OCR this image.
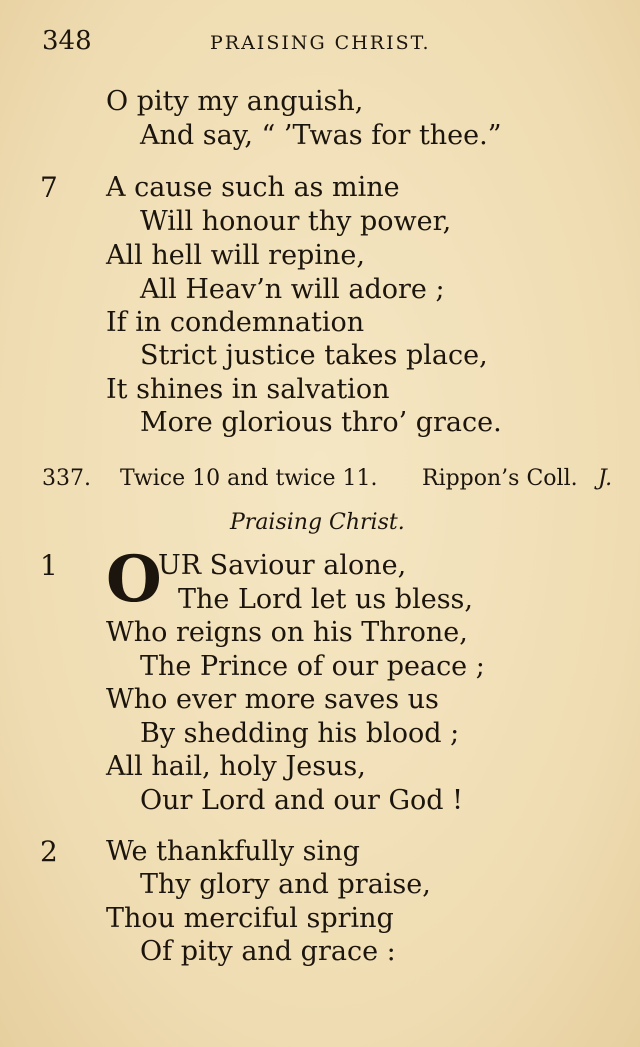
348	PRAISING CHRIST.
O pity my anguish,
And say, “ ’Twas for thee.”
7 A cause such as mine
Will honour thy power,
All hell will repine,
All Heav’n will adore ;
If in condemnation
Strict justice takes place,
It shines in salvation
More glorious thro’ grace.
337. Twice 10 and twice 11. Rippon’s Coll. J.
Praising Christ.
1 O
UR Saviour alone,
The Lord let us bless,
Who reigns on his Throne,
The Prince of our peace ;
Who ever more saves us
By shedding his blood ;
All hail, holy Jesus,
Our Lord and our God !
2 We thankfully sing
Thy glory and praise,
Thou merciful spring
Of pity and grace :
